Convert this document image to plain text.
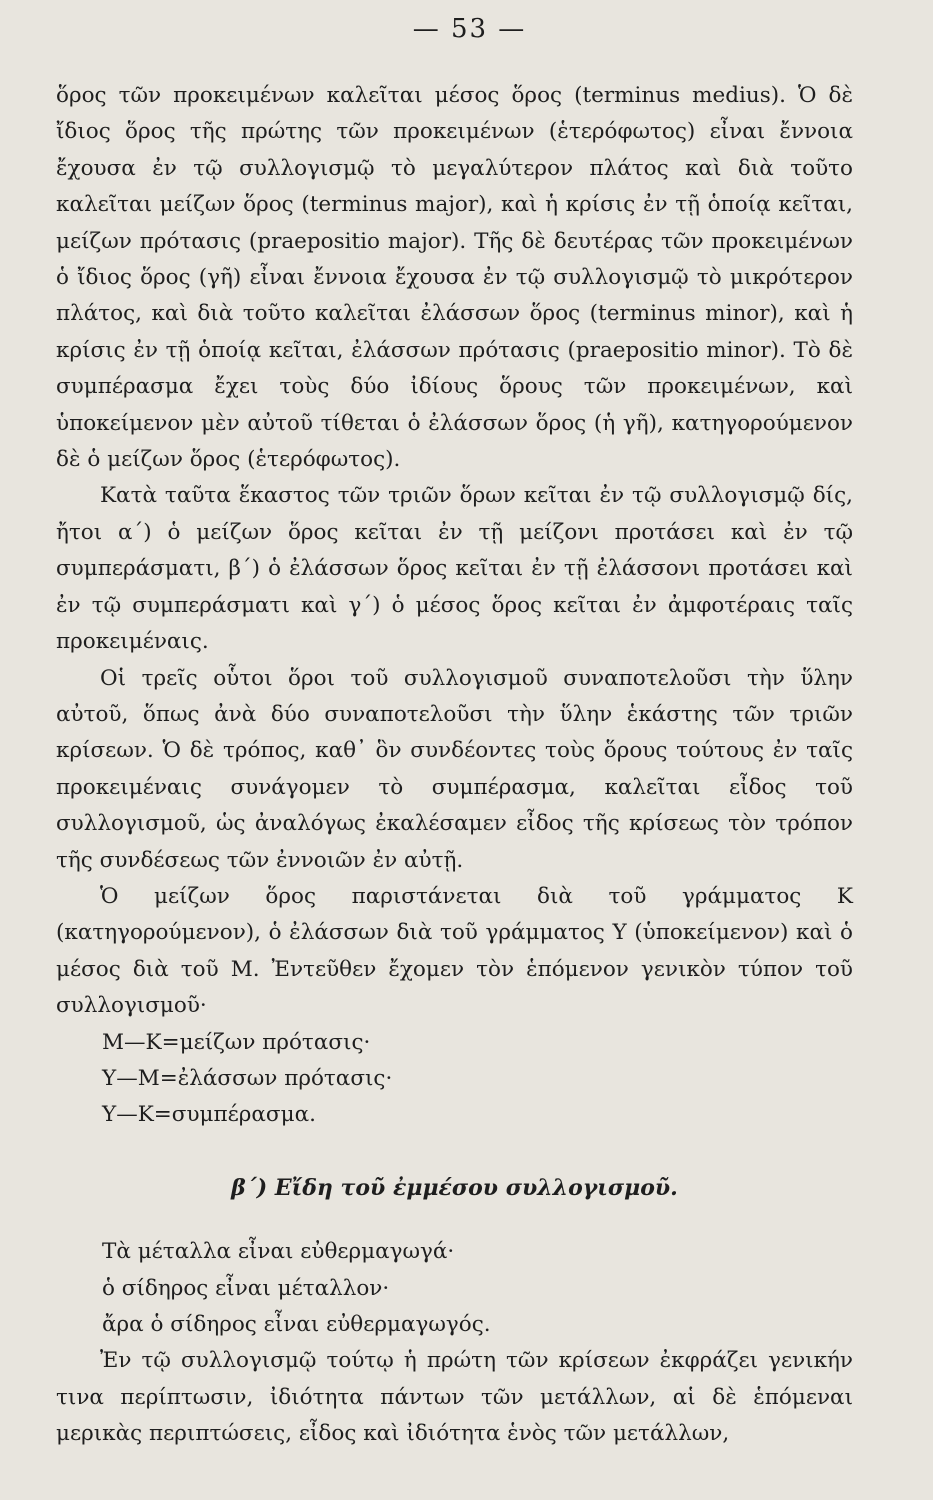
— 53 —

ὅρος τῶν προκειμένων καλεῖται μέσος ὅρος (terminus medius). Ὁ δὲ ἴδιος ὅρος τῆς πρώτης τῶν προκειμένων (ἑτερόφωτος) εἶναι ἔννοια ἔχουσα ἐν τῷ συλλογισμῷ τὸ μεγαλύτερον πλάτος καὶ διὰ τοῦτο καλεῖται μείζων ὅρος (terminus major), καὶ ἡ κρίσις ἐν τῇ ὁποίᾳ κεῖται, μείζων πρότασις (praepositio major). Τῆς δὲ δευτέρας τῶν προκειμένων ὁ ἴδιος ὅρος (γῆ) εἶναι ἔννοια ἔχουσα ἐν τῷ συλλογισμῷ τὸ μικρότερον πλάτος, καὶ διὰ τοῦτο καλεῖται ἐλάσσων ὅρος (terminus minor), καὶ ἡ κρίσις ἐν τῇ ὁποίᾳ κεῖται, ἐλάσσων πρότασις (praepositio minor). Τὸ δὲ συμπέρασμα ἔχει τοὺς δύο ἰδίους ὅρους τῶν προκειμένων, καὶ ὑποκείμενον μὲν αὐτοῦ τίθεται ὁ ἐλάσσων ὅρος (ἡ γῆ), κατηγορούμενον δὲ ὁ μείζων ὅρος (ἑτερόφωτος).

Κατὰ ταῦτα ἕκαστος τῶν τριῶν ὅρων κεῖται ἐν τῷ συλλογισμῷ δίς, ἤτοι α΄) ὁ μείζων ὅρος κεῖται ἐν τῇ μείζονι προτάσει καὶ ἐν τῷ συμπεράσματι, β΄) ὁ ἐλάσσων ὅρος κεῖται ἐν τῇ ἐλάσσονι προτάσει καὶ ἐν τῷ συμπεράσματι καὶ γ΄) ὁ μέσος ὅρος κεῖται ἐν ἀμφοτέραις ταῖς προκειμέναις.

Οἱ τρεῖς οὗτοι ὅροι τοῦ συλλογισμοῦ συναποτελοῦσι τὴν ὕλην αὐτοῦ, ὅπως ἀνὰ δύο συναποτελοῦσι τὴν ὕλην ἑκάστης τῶν τριῶν κρίσεων. Ὁ δὲ τρόπος, καθ᾽ ὃν συνδέοντες τοὺς ὅρους τούτους ἐν ταῖς προκειμέναις συνάγομεν τὸ συμπέρασμα, καλεῖται εἶδος τοῦ συλλογισμοῦ, ὡς ἀναλόγως ἐκαλέσαμεν εἶδος τῆς κρίσεως τὸν τρόπον τῆς συνδέσεως τῶν ἐννοιῶν ἐν αὐτῇ.

Ὁ μείζων ὅρος παριστάνεται διὰ τοῦ γράμματος Κ (κατηγορούμενον), ὁ ἐλάσσων διὰ τοῦ γράμματος Υ (ὑποκείμενον) καὶ ὁ μέσος διὰ τοῦ Μ. Ἐντεῦθεν ἔχομεν τὸν ἑπόμενον γενικὸν τύπον τοῦ συλλογισμοῦ·

Μ—Κ=μείζων πρότασις·

Υ—Μ=ἐλάσσων πρότασις·

Υ—Κ=συμπέρασμα.

β΄) Εἴδη τοῦ ἐμμέσου συλλογισμοῦ.

Τὰ μέταλλα εἶναι εὐθερμαγωγά·

ὁ σίδηρος εἶναι μέταλλον·

ἄρα ὁ σίδηρος εἶναι εὐθερμαγωγός.

Ἐν τῷ συλλογισμῷ τούτῳ ἡ πρώτη τῶν κρίσεων ἐκφράζει γενικήν τινα περίπτωσιν, ἰδιότητα πάντων τῶν μετάλλων, αἱ δὲ ἑπόμεναι μερικὰς περιπτώσεις, εἶδος καὶ ἰδιότητα ἑνὸς τῶν μετάλλων,
